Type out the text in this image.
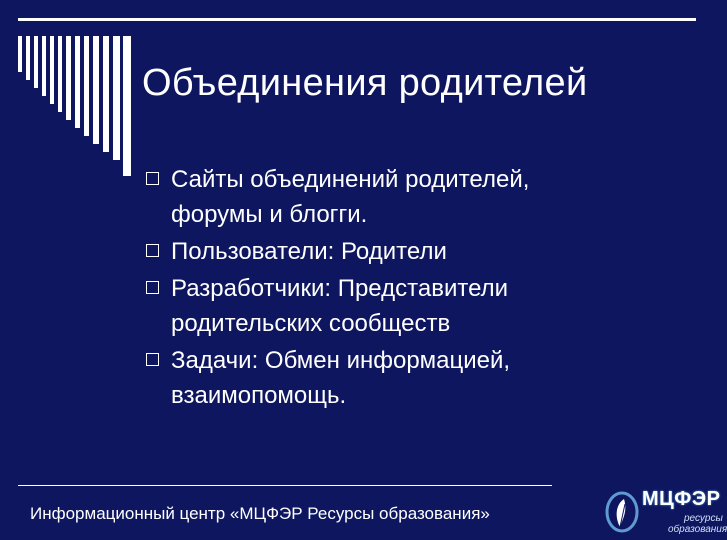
Объединения родителей
Сайты объединений родителей,
форумы и блогги.
Пользователи: Родители
Разработчики: Представители
родительских сообществ
Задачи: Обмен информацией,
взаимопомощь.
Информационный центр «МЦФЭР Ресурсы образования»
МЦФЭР
ресурсы
образования
